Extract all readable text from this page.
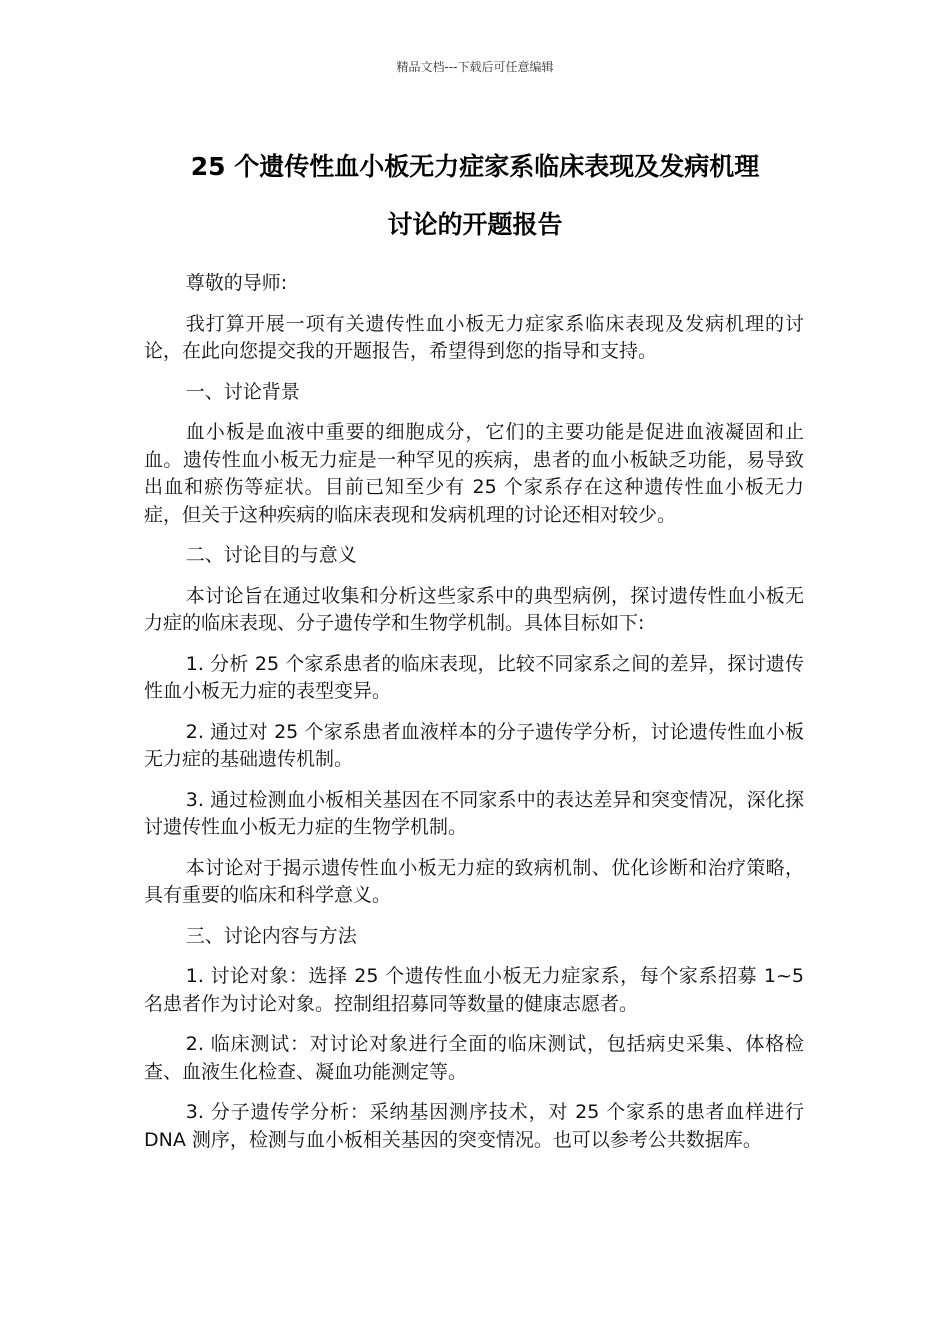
精品文档---下载后可任意编辑
25 个遗传性血小板无力症家系临床表现及发病机理
讨论的开题报告

尊敬的导师:

我打算开展一项有关遗传性血小板无力症家系临床表现及发病机理的讨论，在此向您提交我的开题报告，希望得到您的指导和支持。

一、讨论背景

血小板是血液中重要的细胞成分，它们的主要功能是促进血液凝固和止血。遗传性血小板无力症是一种罕见的疾病，患者的血小板缺乏功能，易导致出血和瘀伤等症状。目前已知至少有 25 个家系存在这种遗传性血小板无力症，但关于这种疾病的临床表现和发病机理的讨论还相对较少。

二、讨论目的与意义

本讨论旨在通过收集和分析这些家系中的典型病例，探讨遗传性血小板无力症的临床表现、分子遗传学和生物学机制。具体目标如下:

1. 分析 25 个家系患者的临床表现，比较不同家系之间的差异，探讨遗传性血小板无力症的表型变异。

2. 通过对 25 个家系患者血液样本的分子遗传学分析，讨论遗传性血小板无力症的基础遗传机制。

3. 通过检测血小板相关基因在不同家系中的表达差异和突变情况，深化探讨遗传性血小板无力症的生物学机制。

本讨论对于揭示遗传性血小板无力症的致病机制、优化诊断和治疗策略，具有重要的临床和科学意义。

三、讨论内容与方法

1. 讨论对象：选择 25 个遗传性血小板无力症家系，每个家系招募 1~5 名患者作为讨论对象。控制组招募同等数量的健康志愿者。

2. 临床测试：对讨论对象进行全面的临床测试，包括病史采集、体格检查、血液生化检查、凝血功能测定等。

3. 分子遗传学分析：采纳基因测序技术，对 25 个家系的患者血样进行 DNA 测序，检测与血小板相关基因的突变情况。也可以参考公共数据库。
